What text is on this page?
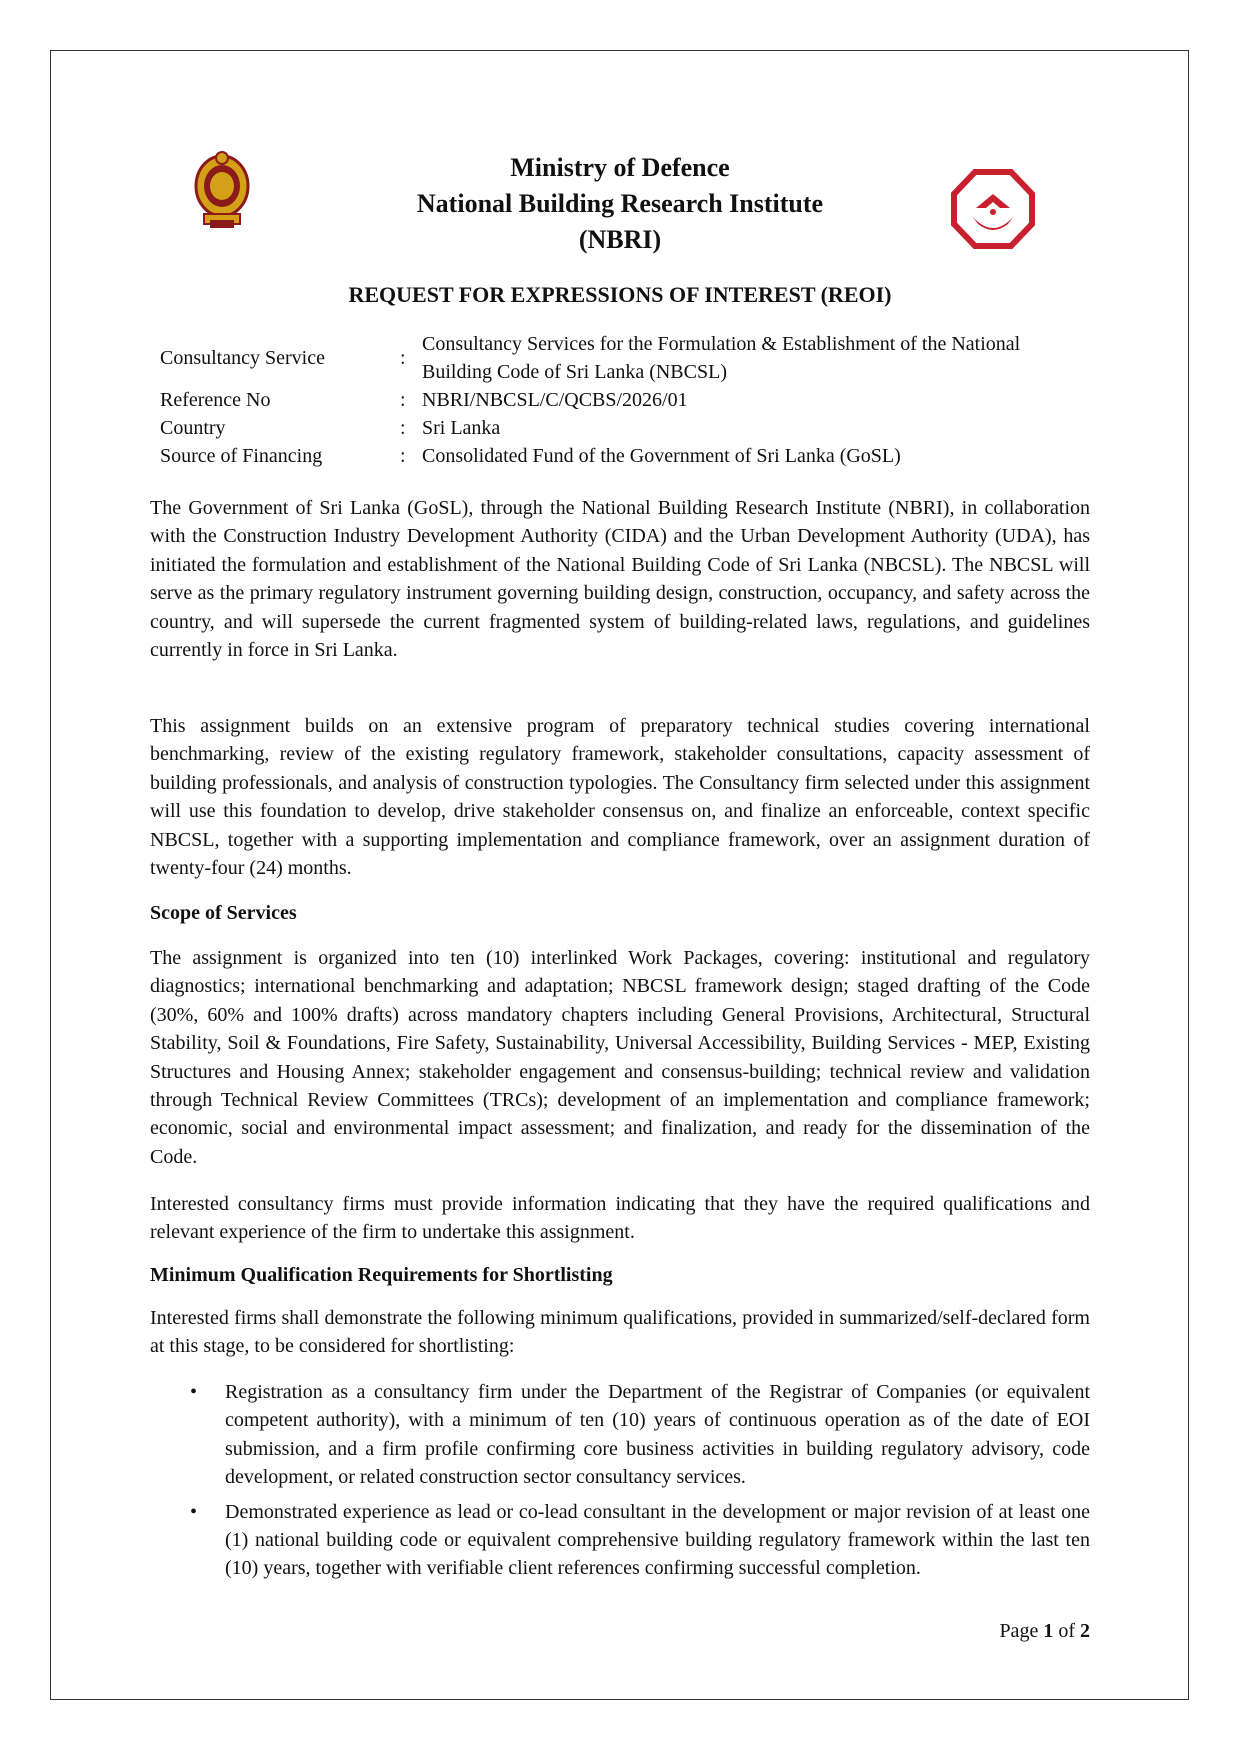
Ministry of Defence
National Building Research Institute
(NBRI)
REQUEST FOR EXPRESSIONS OF INTEREST (REOI)
Consultancy Service	:	Consultancy Services for the Formulation & Establishment of the National Building Code of Sri Lanka (NBCSL)
Reference No	:	NBRI/NBCSL/C/QCBS/2026/01
Country	:	Sri Lanka
Source of Financing	:	Consolidated Fund of the Government of Sri Lanka (GoSL)

The Government of Sri Lanka (GoSL), through the National Building Research Institute (NBRI), in collaboration with the Construction Industry Development Authority (CIDA) and the Urban Development Authority (UDA), has initiated the formulation and establishment of the National Building Code of Sri Lanka (NBCSL). The NBCSL will serve as the primary regulatory instrument governing building design, construction, occupancy, and safety across the country, and will supersede the current fragmented system of building-related laws, regulations, and guidelines currently in force in Sri Lanka.

This assignment builds on an extensive program of preparatory technical studies covering international benchmarking, review of the existing regulatory framework, stakeholder consultations, capacity assessment of building professionals, and analysis of construction typologies. The Consultancy firm selected under this assignment will use this foundation to develop, drive stakeholder consensus on, and finalize an enforceable, context specific NBCSL, together with a supporting implementation and compliance framework, over an assignment duration of twenty-four (24) months.

Scope of Services

The assignment is organized into ten (10) interlinked Work Packages, covering: institutional and regulatory diagnostics; international benchmarking and adaptation; NBCSL framework design; staged drafting of the Code (30%, 60% and 100% drafts) across mandatory chapters including General Provisions, Architectural, Structural Stability, Soil & Foundations, Fire Safety, Sustainability, Universal Accessibility, Building Services - MEP, Existing Structures and Housing Annex; stakeholder engagement and consensus-building; technical review and validation through Technical Review Committees (TRCs); development of an implementation and compliance framework; economic, social and environmental impact assessment; and finalization, and ready for the dissemination of the Code.

Interested consultancy firms must provide information indicating that they have the required qualifications and relevant experience of the firm to undertake this assignment.

Minimum Qualification Requirements for Shortlisting

Interested firms shall demonstrate the following minimum qualifications, provided in summarized/self-declared form at this stage, to be considered for shortlisting:

• Registration as a consultancy firm under the Department of the Registrar of Companies (or equivalent competent authority), with a minimum of ten (10) years of continuous operation as of the date of EOI submission, and a firm profile confirming core business activities in building regulatory advisory, code development, or related construction sector consultancy services.
• Demonstrated experience as lead or co-lead consultant in the development or major revision of at least one (1) national building code or equivalent comprehensive building regulatory framework within the last ten (10) years, together with verifiable client references confirming successful completion.
Page 1 of 2
